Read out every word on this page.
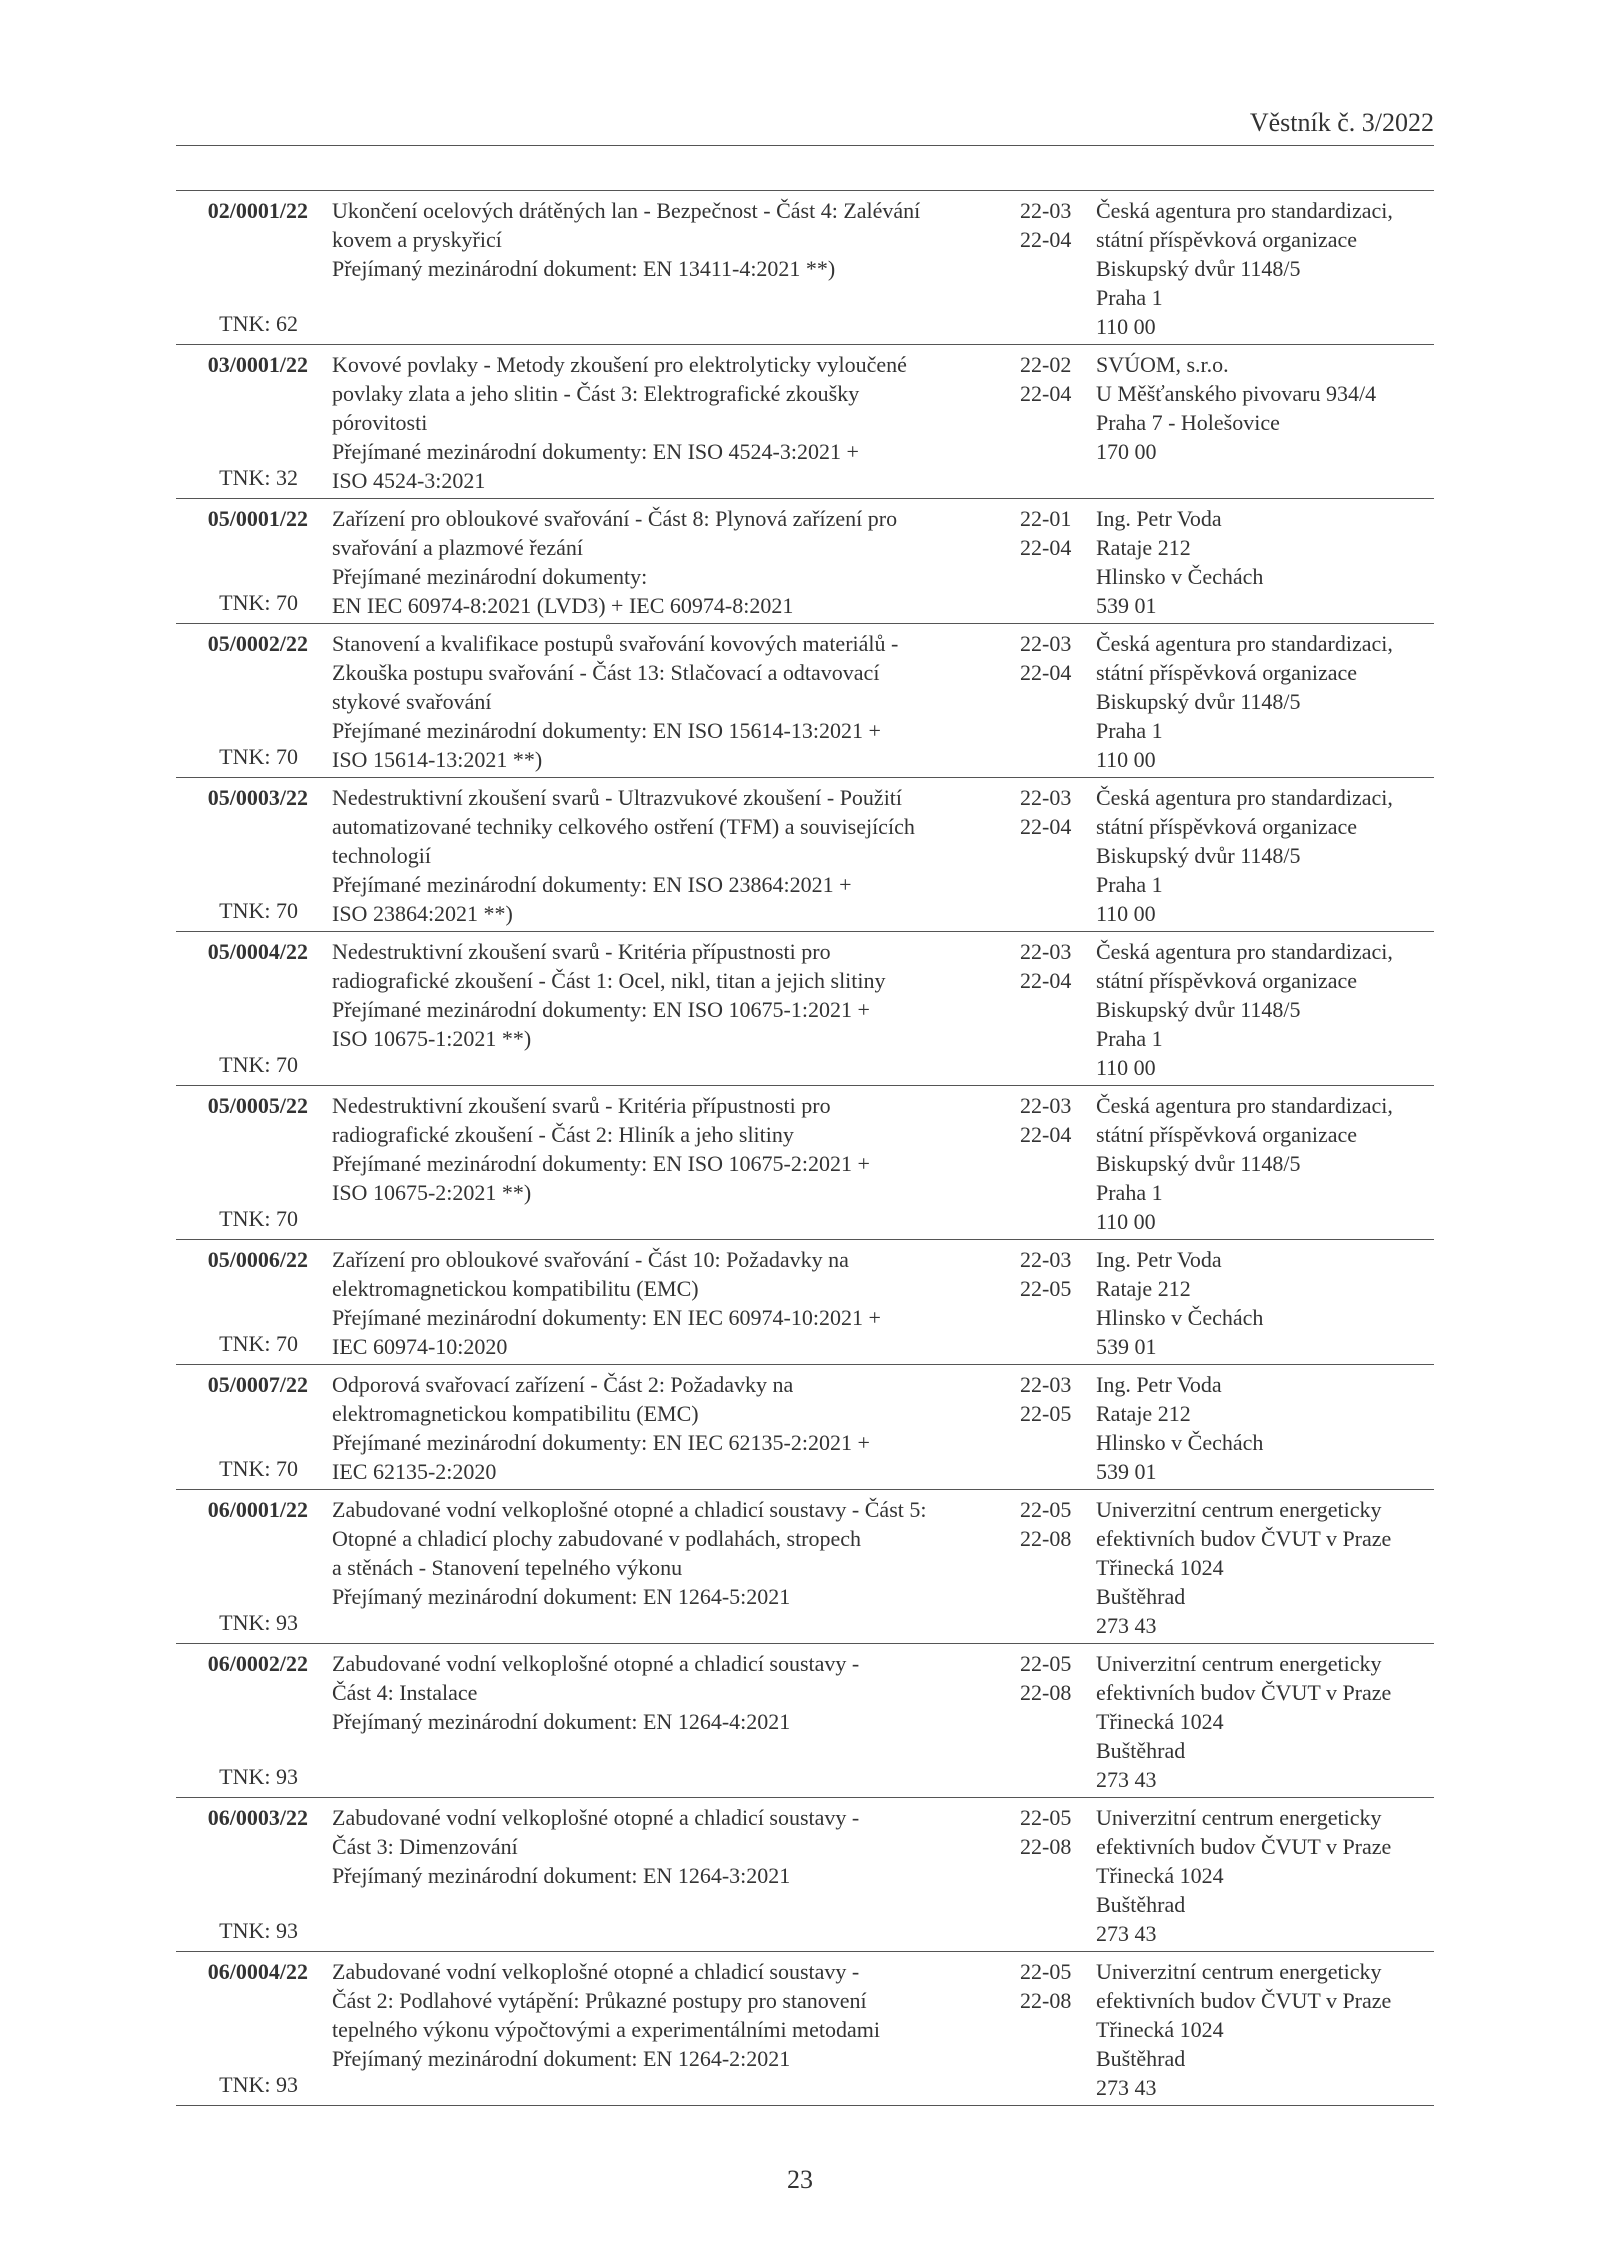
Věstník č. 3/2022
02/0001/22
TNK: 62
Ukončení ocelových drátěných lan - Bezpečnost - Část 4: Zalévání
kovem a pryskyřicí
Přejímaný mezinárodní dokument: EN 13411-4:2021 **)
22-03
22-04
Česká agentura pro standardizaci,
státní příspěvková organizace
Biskupský dvůr 1148/5
Praha 1
110 00
03/0001/22
TNK: 32
Kovové povlaky - Metody zkoušení pro elektrolyticky vyloučené
povlaky zlata a jeho slitin - Část 3: Elektrografické zkoušky
pórovitosti
Přejímané mezinárodní dokumenty: EN ISO 4524-3:2021 +
ISO 4524-3:2021
22-02
22-04
SVÚOM, s.r.o.
U Měšťanského pivovaru 934/4
Praha 7 - Holešovice
170 00
05/0001/22
TNK: 70
Zařízení pro obloukové svařování - Část 8: Plynová zařízení pro
svařování a plazmové řezání
Přejímané mezinárodní dokumenty:
EN IEC 60974-8:2021 (LVD3) + IEC 60974-8:2021
22-01
22-04
Ing. Petr Voda
Rataje 212
Hlinsko v Čechách
539 01
05/0002/22
TNK: 70
Stanovení a kvalifikace postupů svařování kovových materiálů -
Zkouška postupu svařování - Část 13: Stlačovací a odtavovací
stykové svařování
Přejímané mezinárodní dokumenty: EN ISO 15614-13:2021 +
ISO 15614-13:2021 **)
22-03
22-04
Česká agentura pro standardizaci,
státní příspěvková organizace
Biskupský dvůr 1148/5
Praha 1
110 00
05/0003/22
TNK: 70
Nedestruktivní zkoušení svarů - Ultrazvukové zkoušení - Použití
automatizované techniky celkového ostření (TFM) a souvisejících
technologií
Přejímané mezinárodní dokumenty: EN ISO 23864:2021 +
ISO 23864:2021 **)
22-03
22-04
Česká agentura pro standardizaci,
státní příspěvková organizace
Biskupský dvůr 1148/5
Praha 1
110 00
05/0004/22
TNK: 70
Nedestruktivní zkoušení svarů - Kritéria přípustnosti pro
radiografické zkoušení - Část 1: Ocel, nikl, titan a jejich slitiny
Přejímané mezinárodní dokumenty: EN ISO 10675-1:2021 +
ISO 10675-1:2021 **)
22-03
22-04
Česká agentura pro standardizaci,
státní příspěvková organizace
Biskupský dvůr 1148/5
Praha 1
110 00
05/0005/22
TNK: 70
Nedestruktivní zkoušení svarů - Kritéria přípustnosti pro
radiografické zkoušení - Část 2: Hliník a jeho slitiny
Přejímané mezinárodní dokumenty: EN ISO 10675-2:2021 +
ISO 10675-2:2021 **)
22-03
22-04
Česká agentura pro standardizaci,
státní příspěvková organizace
Biskupský dvůr 1148/5
Praha 1
110 00
05/0006/22
TNK: 70
Zařízení pro obloukové svařování - Část 10: Požadavky na
elektromagnetickou kompatibilitu (EMC)
Přejímané mezinárodní dokumenty: EN IEC 60974-10:2021 +
IEC 60974-10:2020
22-03
22-05
Ing. Petr Voda
Rataje 212
Hlinsko v Čechách
539 01
05/0007/22
TNK: 70
Odporová svařovací zařízení - Část 2: Požadavky na
elektromagnetickou kompatibilitu (EMC)
Přejímané mezinárodní dokumenty: EN IEC 62135-2:2021 +
IEC 62135-2:2020
22-03
22-05
Ing. Petr Voda
Rataje 212
Hlinsko v Čechách
539 01
06/0001/22
TNK: 93
Zabudované vodní velkoplošné otopné a chladicí soustavy - Část 5:
Otopné a chladicí plochy zabudované v podlahách, stropech
a stěnách - Stanovení tepelného výkonu
Přejímaný mezinárodní dokument: EN 1264-5:2021
22-05
22-08
Univerzitní centrum energeticky
efektivních budov ČVUT v Praze
Třinecká 1024
Buštěhrad
273 43
06/0002/22
TNK: 93
Zabudované vodní velkoplošné otopné a chladicí soustavy -
Část 4: Instalace
Přejímaný mezinárodní dokument: EN 1264-4:2021
22-05
22-08
Univerzitní centrum energeticky
efektivních budov ČVUT v Praze
Třinecká 1024
Buštěhrad
273 43
06/0003/22
TNK: 93
Zabudované vodní velkoplošné otopné a chladicí soustavy -
Část 3: Dimenzování
Přejímaný mezinárodní dokument: EN 1264-3:2021
22-05
22-08
Univerzitní centrum energeticky
efektivních budov ČVUT v Praze
Třinecká 1024
Buštěhrad
273 43
06/0004/22
TNK: 93
Zabudované vodní velkoplošné otopné a chladicí soustavy -
Část 2: Podlahové vytápění: Průkazné postupy pro stanovení
tepelného výkonu výpočtovými a experimentálními metodami
Přejímaný mezinárodní dokument: EN 1264-2:2021
22-05
22-08
Univerzitní centrum energeticky
efektivních budov ČVUT v Praze
Třinecká 1024
Buštěhrad
273 43
23
